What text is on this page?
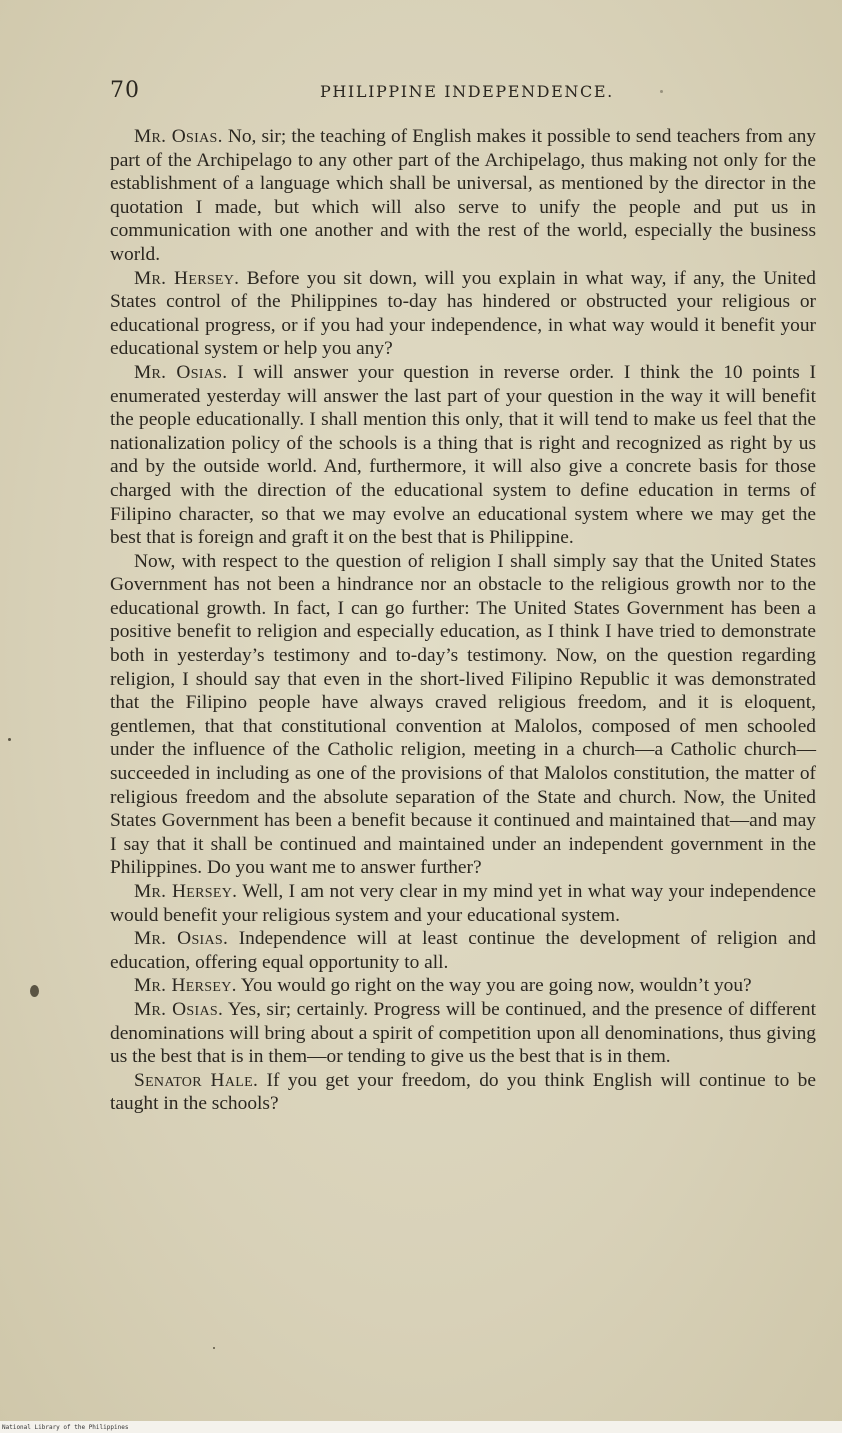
70	PHILIPPINE INDEPENDENCE.

Mr. Osias. No, sir; the teaching of English makes it possible to send teachers from any part of the Archipelago to any other part of the Archipelago, thus making not only for the establishment of a language which shall be universal, as mentioned by the director in the quotation I made, but which will also serve to unify the people and put us in communication with one another and with the rest of the world, especially the business world.

Mr. Hersey. Before you sit down, will you explain in what way, if any, the United States control of the Philippines to-day has hindered or obstructed your religious or educational progress, or if you had your independence, in what way would it benefit your educational system or help you any?

Mr. Osias. I will answer your question in reverse order. I think the 10 points I enumerated yesterday will answer the last part of your question in the way it will benefit the people educationally. I shall mention this only, that it will tend to make us feel that the nationalization policy of the schools is a thing that is right and recognized as right by us and by the outside world. And, furthermore, it will also give a concrete basis for those charged with the direction of the educational system to define education in terms of Filipino character, so that we may evolve an educational system where we may get the best that is foreign and graft it on the best that is Philippine.

Now, with respect to the question of religion I shall simply say that the United States Government has not been a hindrance nor an obstacle to the religious growth nor to the educational growth. In fact, I can go further: The United States Government has been a positive benefit to religion and especially education, as I think I have tried to demonstrate both in yesterday’s testimony and to-day’s testimony. Now, on the question regarding religion, I should say that even in the short-lived Filipino Republic it was demonstrated that the Filipino people have always craved religious freedom, and it is eloquent, gentlemen, that that constitutional convention at Malolos, composed of men schooled under the influence of the Catholic religion, meeting in a church—a Catholic church—succeeded in including as one of the provisions of that Malolos constitution, the matter of religious freedom and the absolute separation of the State and church. Now, the United States Government has been a benefit because it continued and maintained that—and may I say that it shall be continued and maintained under an independent government in the Philippines. Do you want me to answer further?

Mr. Hersey. Well, I am not very clear in my mind yet in what way your independence would benefit your religious system and your educational system.

Mr. Osias. Independence will at least continue the development of religion and education, offering equal opportunity to all.

Mr. Hersey. You would go right on the way you are going now, wouldn’t you?

Mr. Osias. Yes, sir; certainly. Progress will be continued, and the presence of different denominations will bring about a spirit of competition upon all denominations, thus giving us the best that is in them—or tending to give us the best that is in them.

Senator Hale. If you get your freedom, do you think English will continue to be taught in the schools?

National Library of the Philippines
